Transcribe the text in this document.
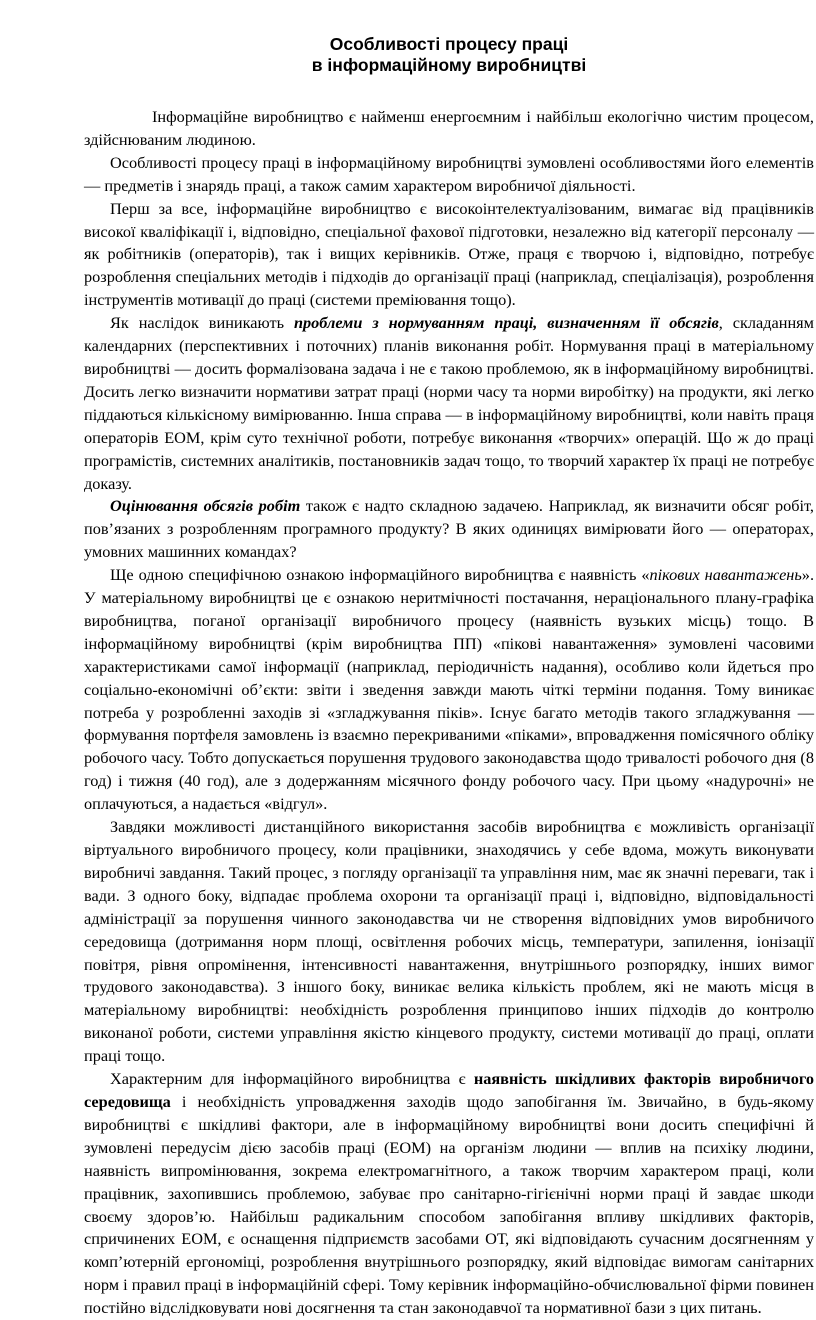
Особливості процесу праці
в інформаційному виробництві

Інформаційне виробництво є найменш енергоємним і найбільш екологічно чистим процесом, здійснюваним людиною.

Особливості процесу праці в інформаційному виробництві зумовлені особливостями його елементів — предметів і знарядь праці, а також самим характером виробничої діяльності.

Перш за все, інформаційне виробництво є високоінтелектуалізованим, вимагає від працівників високої кваліфікації і, відповідно, спеціальної фахової підготовки, незалежно від категорії персоналу — як робітників (операторів), так і вищих керівників. Отже, праця є творчою і, відповідно, потребує розроблення спеціальних методів і підходів до організації праці (наприклад, спеціалізація), розроблення інструментів мотивації до праці (системи преміювання тощо).

Як наслідок виникають проблеми з нормуванням праці, визначенням її обсягів, складанням календарних (перспективних і поточних) планів виконання робіт. Нормування праці в матеріальному виробництві — досить формалізована задача і не є такою проблемою, як в інформаційному виробництві. Досить легко визначити нормативи затрат праці (норми часу та норми виробітку) на продукти, які легко піддаються кількісному вимірюванню. Інша справа — в інформаційному виробництві, коли навіть праця операторів ЕОМ, крім суто технічної роботи, потребує виконання «творчих» операцій. Що ж до праці програмістів, системних аналітиків, постановників задач тощо, то творчий характер їх праці не потребує доказу.

Оцінювання обсягів робіт також є надто складною задачею. Наприклад, як визначити обсяг робіт, пов’язаних з розробленням програмного продукту? В яких одиницях вимірювати його — операторах, умовних машинних командах?

Ще одною специфічною ознакою інформаційного виробництва є наявність «пікових навантажень». У матеріальному виробництві це є ознакою неритмічності постачання, нераціонального плану-графіка виробництва, поганої організації виробничого процесу (наявність вузьких місць) тощо. В інформаційному виробництві (крім виробництва ПП) «пікові навантаження» зумовлені часовими характеристиками самої інформації (наприклад, періодичність надання), особливо коли йдеться про соціально-економічні об’єкти: звіти і зведення завжди мають чіткі терміни подання. Тому виникає потреба у розробленні заходів зі «згладжування піків». Існує багато методів такого згладжування — формування портфеля замовлень із взаємно перекриваними «піками», впровадження помісячного обліку робочого часу. Тобто допускається порушення трудового законодавства щодо тривалості робочого дня (8 год) і тижня (40 год), але з додержанням місячного фонду робочого часу. При цьому «надурочні» не оплачуються, а надається «відгул».

Завдяки можливості дистанційного використання засобів виробництва є можливість організації віртуального виробничого процесу, коли працівники, знаходячись у себе вдома, можуть виконувати виробничі завдання. Такий процес, з погляду організації та управління ним, має як значні переваги, так і вади. З одного боку, відпадає проблема охорони та організації праці і, відповідно, відповідальності адміністрації за порушення чинного законодавства чи не створення відповідних умов виробничого середовища (дотримання норм площі, освітлення робочих місць, температури, запилення, іонізації повітря, рівня опромінення, інтенсивності навантаження, внутрішнього розпорядку, інших вимог трудового законодавства). З іншого боку, виникає велика кількість проблем, які не мають місця в матеріальному виробництві: необхідність розроблення принципово інших підходів до контролю виконаної роботи, системи управління якістю кінцевого продукту, системи мотивації до праці, оплати праці тощо.

Характерним для інформаційного виробництва є наявність шкідливих факторів виробничого середовища і необхідність упровадження заходів щодо запобігання їм. Звичайно, в будь-якому виробництві є шкідливі фактори, але в інформаційному виробництві вони досить специфічні й зумовлені передусім дією засобів праці (ЕОМ) на організм людини — вплив на психіку людини, наявність випромінювання, зокрема електромагнітного, а також творчим характером праці, коли працівник, захопившись проблемою, забуває про санітарно-гігієнічні норми праці й завдає шкоди своєму здоров’ю. Найбільш радикальним способом запобігання впливу шкідливих факторів, спричинених ЕОМ, є оснащення підприємств засобами ОТ, які відповідають сучасним досягненням у комп’ютерній ергономіці, розроблення внутрішнього розпорядку, який відповідає вимогам санітарних норм і правил праці в інформаційній сфері. Тому керівник інформаційно-обчислювальної фірми повинен постійно відслідковувати нові досягнення та стан законодавчої та нормативної бази з цих питань.
